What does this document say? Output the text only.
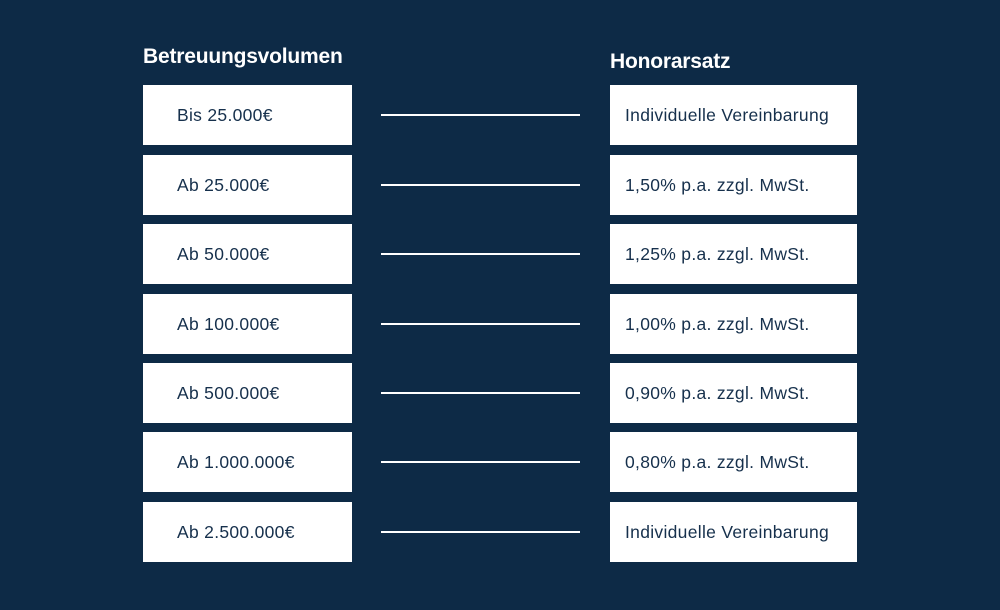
Betreuungsvolumen	Honorarsatz
Bis 25.000€	Individuelle Vereinbarung
Ab 25.000€	1,50% p.a. zzgl. MwSt.
Ab 50.000€	1,25% p.a. zzgl. MwSt.
Ab 100.000€	1,00% p.a. zzgl. MwSt.
Ab 500.000€	0,90% p.a. zzgl. MwSt.
Ab 1.000.000€	0,80% p.a. zzgl. MwSt.
Ab 2.500.000€	Individuelle Vereinbarung
